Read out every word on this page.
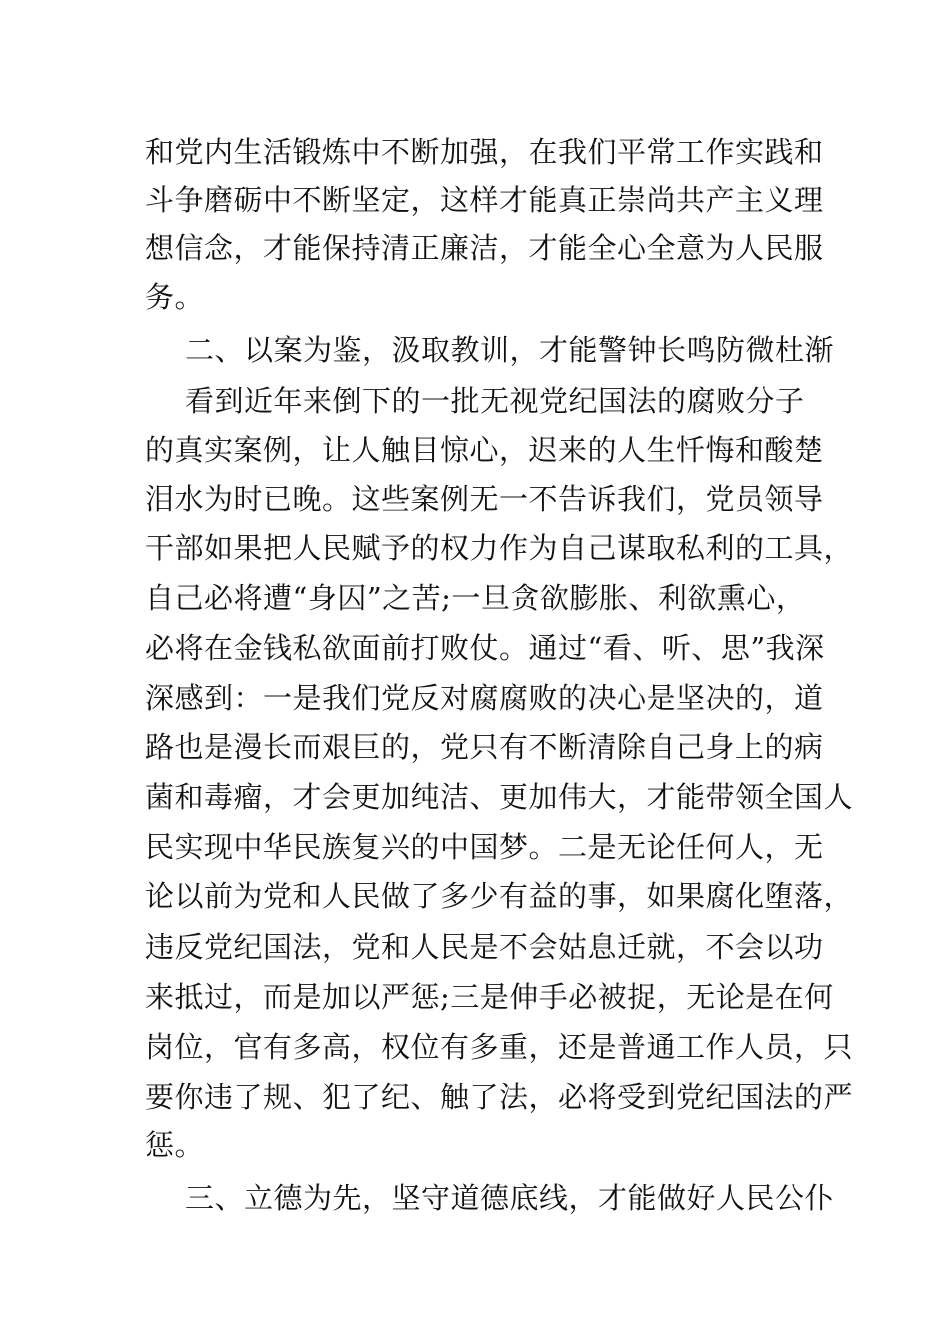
和党内生活锻炼中不断加强，在我们平常工作实践和
斗争磨砺中不断坚定，这样才能真正崇尚共产主义理
想信念，才能保持清正廉洁，才能全心全意为人民服
务。
二、以案为鉴，汲取教训，才能警钟长鸣防微杜渐
看到近年来倒下的一批无视党纪国法的腐败分子
的真实案例，让人触目惊心，迟来的人生忏悔和酸楚
泪水为时已晚。这些案例无一不告诉我们，党员领导
干部如果把人民赋予的权力作为自己谋取私利的工具，
自己必将遭“身囚”之苦;一旦贪欲膨胀、利欲熏心，
必将在金钱私欲面前打败仗。通过“看、听、思”我深
深感到：一是我们党反对腐腐败的决心是坚决的，道
路也是漫长而艰巨的，党只有不断清除自己身上的病
菌和毒瘤，才会更加纯洁、更加伟大，才能带领全国人
民实现中华民族复兴的中国梦。二是无论任何人，无
论以前为党和人民做了多少有益的事，如果腐化堕落，
违反党纪国法，党和人民是不会姑息迁就，不会以功
来抵过，而是加以严惩;三是伸手必被捉，无论是在何
岗位，官有多高，权位有多重，还是普通工作人员，只
要你违了规、犯了纪、触了法，必将受到党纪国法的严
惩。
三、立德为先，坚守道德底线，才能做好人民公仆
